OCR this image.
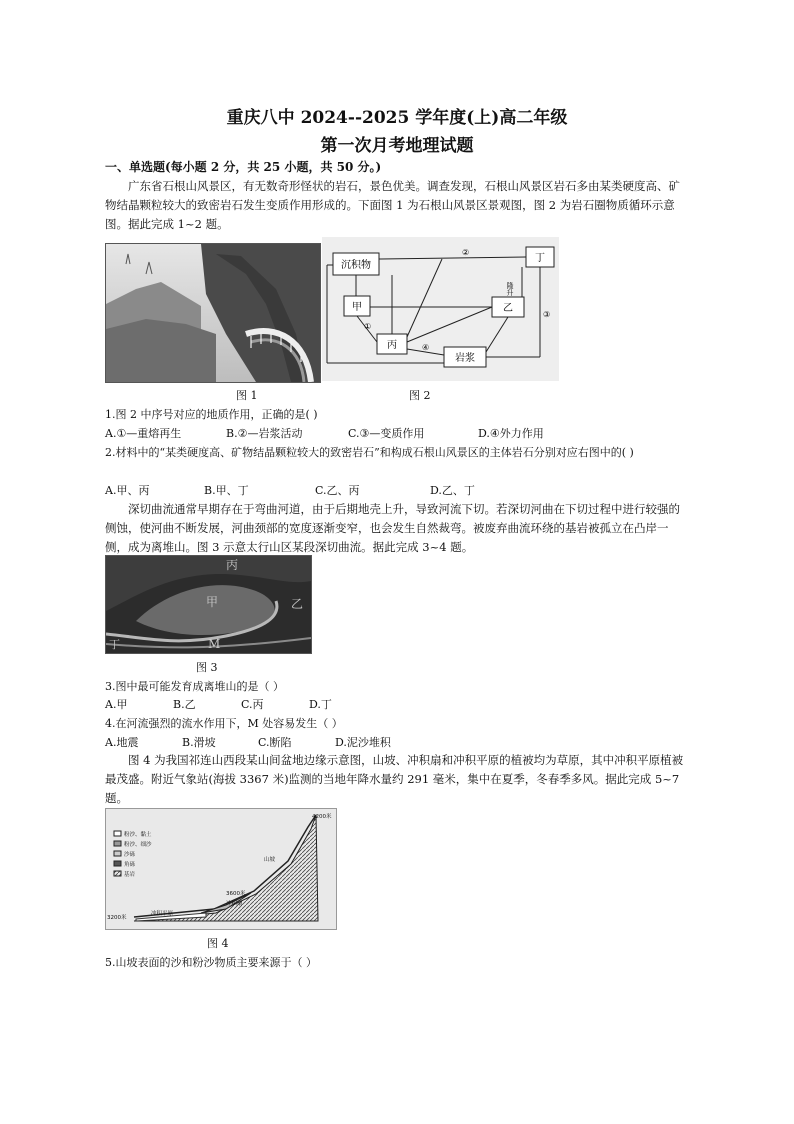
重庆八中 2024--2025 学年度(上)高二年级
第一次月考地理试题
一、单选题(每小题 2 分，共 25 小题，共 50 分。)
广东省石根山风景区，有无数奇形怪状的岩石，景色优美。调查发现，石根山风景区岩石多由某类硬度高、矿物结晶颗粒较大的致密岩石发生变质作用形成的。下面图 1 为石根山风景区景观图，图 2 为岩石圈物质循环示意图。据此完成 1~2 题。
图 1
沉积物
甲
丙
岩浆
乙
丁
②
①
④
③
隆升
图 2
1.图 2 中序号对应的地质作用，正确的是( )
A.①—重熔再生	B.②—岩浆活动	C.③—变质作用	D.④外力作用
2.材料中的“某类硬度高、矿物结晶颗粒较大的致密岩石”和构成石根山风景区的主体岩石分别对应右图中的( )
A.甲、丙	B.甲、丁	C.乙、丙	D.乙、丁
深切曲流通常早期存在于弯曲河道，由于后期地壳上升，导致河流下切。若深切河曲在下切过程中进行较强的侧蚀，使河曲不断发展，河曲颈部的宽度逐渐变窄，也会发生自然裁弯。被废弃曲流环绕的基岩被孤立在凸岸一侧，成为离堆山。图 3 示意太行山区某段深切曲流。据此完成 3~4 题。
丙
甲	乙
丁	M
图 3
3.图中最可能发育成离堆山的是（ ）
A.甲	B.乙	C.丙	D.丁
4.在河流强烈的流水作用下，M 处容易发生（ ）
A.地震	B.滑坡	C.断陷	D.泥沙堆积
图 4 为我国祁连山西段某山间盆地边缘示意图，山坡、冲积扇和冲积平原的植被均为草原，其中冲积平原植被最茂盛。附近气象站(海拔 3367 米)监测的当地年降水量约 291 毫米，集中在夏季，冬春季多风。据此完成 5~7 题。
粉沙、黏土
粉沙、细沙
沙砾
角砾
基岩
4200米
3600米
3200米
冲积平原
冲积扇
山坡
图 4
5.山坡表面的沙和粉沙物质主要来源于（ ）
